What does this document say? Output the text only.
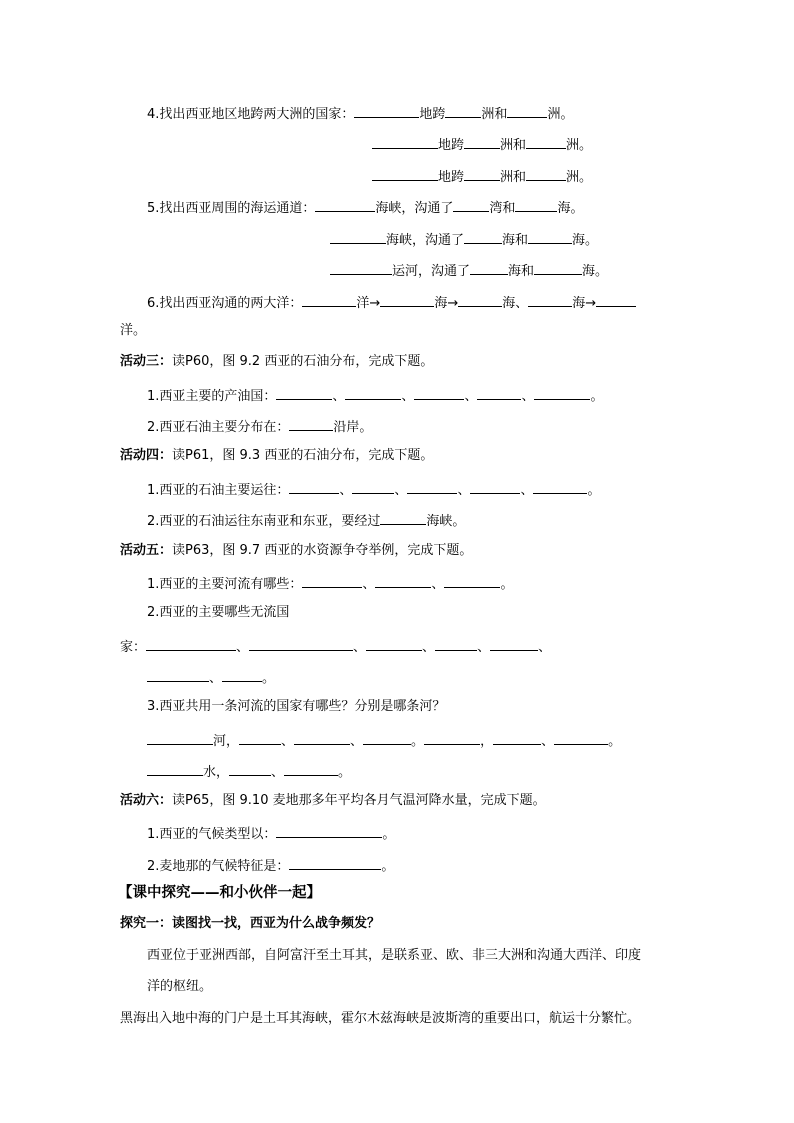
4.找出西亚地区地跨两大洲的国家：	地跨	洲和	洲。
地跨	洲和	洲。
地跨	洲和	洲。
5.找出西亚周围的海运通道：	海峡，沟通了	湾和	海。
海峡，沟通了	海和	海。
运河，沟通了	海和	海。
6.找出西亚沟通的两大洋：	洋→	海→	海、	海→
洋。
活动三：读P60，图 9.2 西亚的石油分布，完成下题。
1.西亚主要的产油国：	、	、	、	、	。
2.西亚石油主要分布在：	沿岸。
活动四：读P61，图 9.3 西亚的石油分布，完成下题。
1.西亚的石油主要运往：	、	、	、	、	。
2.西亚的石油运往东南亚和东亚，要经过	海峡。
活动五：读P63，图 9.7 西亚的水资源争夺举例，完成下题。
1.西亚的主要河流有哪些：	、	、	。
2.西亚的主要哪些无流国
家：	、	、	、	、	、
、	。
3.西亚共用一条河流的国家有哪些？分别是哪条河？
河，	、	、	。	，	、	。
水，	、	。
活动六：读P65，图 9.10 麦地那多年平均各月气温河降水量，完成下题。
1.西亚的气候类型以：	。
2.麦地那的气候特征是：	。
【课中探究——和小伙伴一起】
探究一：读图找一找，西亚为什么战争频发？
西亚位于亚洲西部，自阿富汗至土耳其，是联系亚、欧、非三大洲和沟通大西洋、印度
洋的枢纽。
黑海出入地中海的门户是土耳其海峡，霍尔木兹海峡是波斯湾的重要出口，航运十分繁忙。
